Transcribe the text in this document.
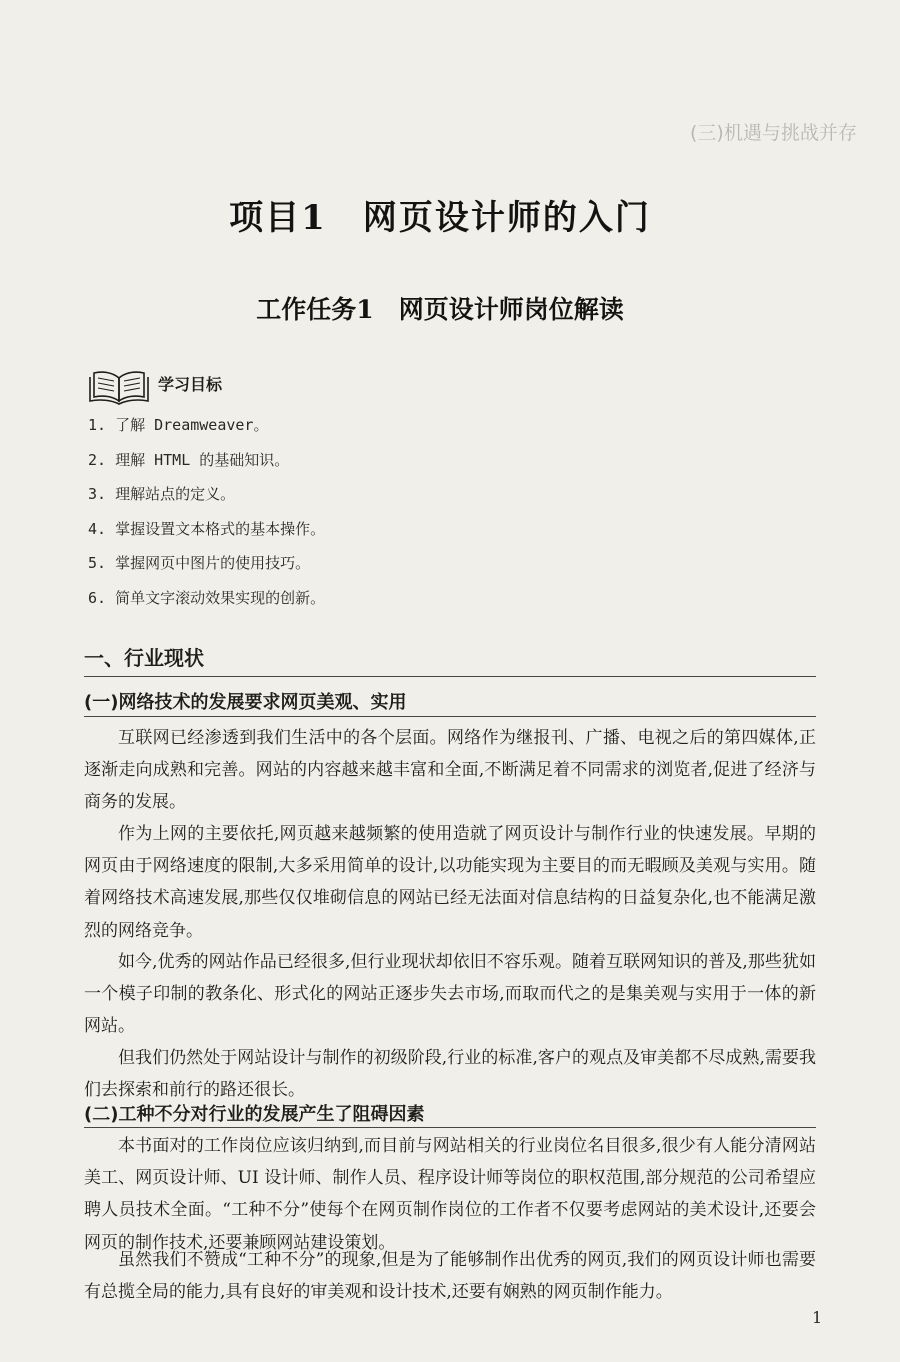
(三)机遇与挑战并存
项目1　网页设计师的入门
工作任务1　网页设计师岗位解读
学习目标
1. 了解 Dreamweaver。
2. 理解 HTML 的基础知识。
3. 理解站点的定义。
4. 掌握设置文本格式的基本操作。
5. 掌握网页中图片的使用技巧。
6. 简单文字滚动效果实现的创新。
一、行业现状
(一)网络技术的发展要求网页美观、实用

互联网已经渗透到我们生活中的各个层面。网络作为继报刊、广播、电视之后的第四媒体,正逐渐走向成熟和完善。网站的内容越来越丰富和全面,不断满足着不同需求的浏览者,促进了经济与商务的发展。

作为上网的主要依托,网页越来越频繁的使用造就了网页设计与制作行业的快速发展。早期的网页由于网络速度的限制,大多采用简单的设计,以功能实现为主要目的而无暇顾及美观与实用。随着网络技术高速发展,那些仅仅堆砌信息的网站已经无法面对信息结构的日益复杂化,也不能满足激烈的网络竞争。

如今,优秀的网站作品已经很多,但行业现状却依旧不容乐观。随着互联网知识的普及,那些犹如一个模子印制的教条化、形式化的网站正逐步失去市场,而取而代之的是集美观与实用于一体的新网站。

但我们仍然处于网站设计与制作的初级阶段,行业的标准,客户的观点及审美都不尽成熟,需要我们去探索和前行的路还很长。

(二)工种不分对行业的发展产生了阻碍因素

本书面对的工作岗位应该归纳到,而目前与网站相关的行业岗位名目很多,很少有人能分清网站美工、网页设计师、UI 设计师、制作人员、程序设计师等岗位的职权范围,部分规范的公司希望应聘人员技术全面。“工种不分”使每个在网页制作岗位的工作者不仅要考虑网站的美术设计,还要会网页的制作技术,还要兼顾网站建设策划。

虽然我们不赞成“工种不分”的现象,但是为了能够制作出优秀的网页,我们的网页设计师也需要有总揽全局的能力,具有良好的审美观和设计技术,还要有娴熟的网页制作能力。

1
